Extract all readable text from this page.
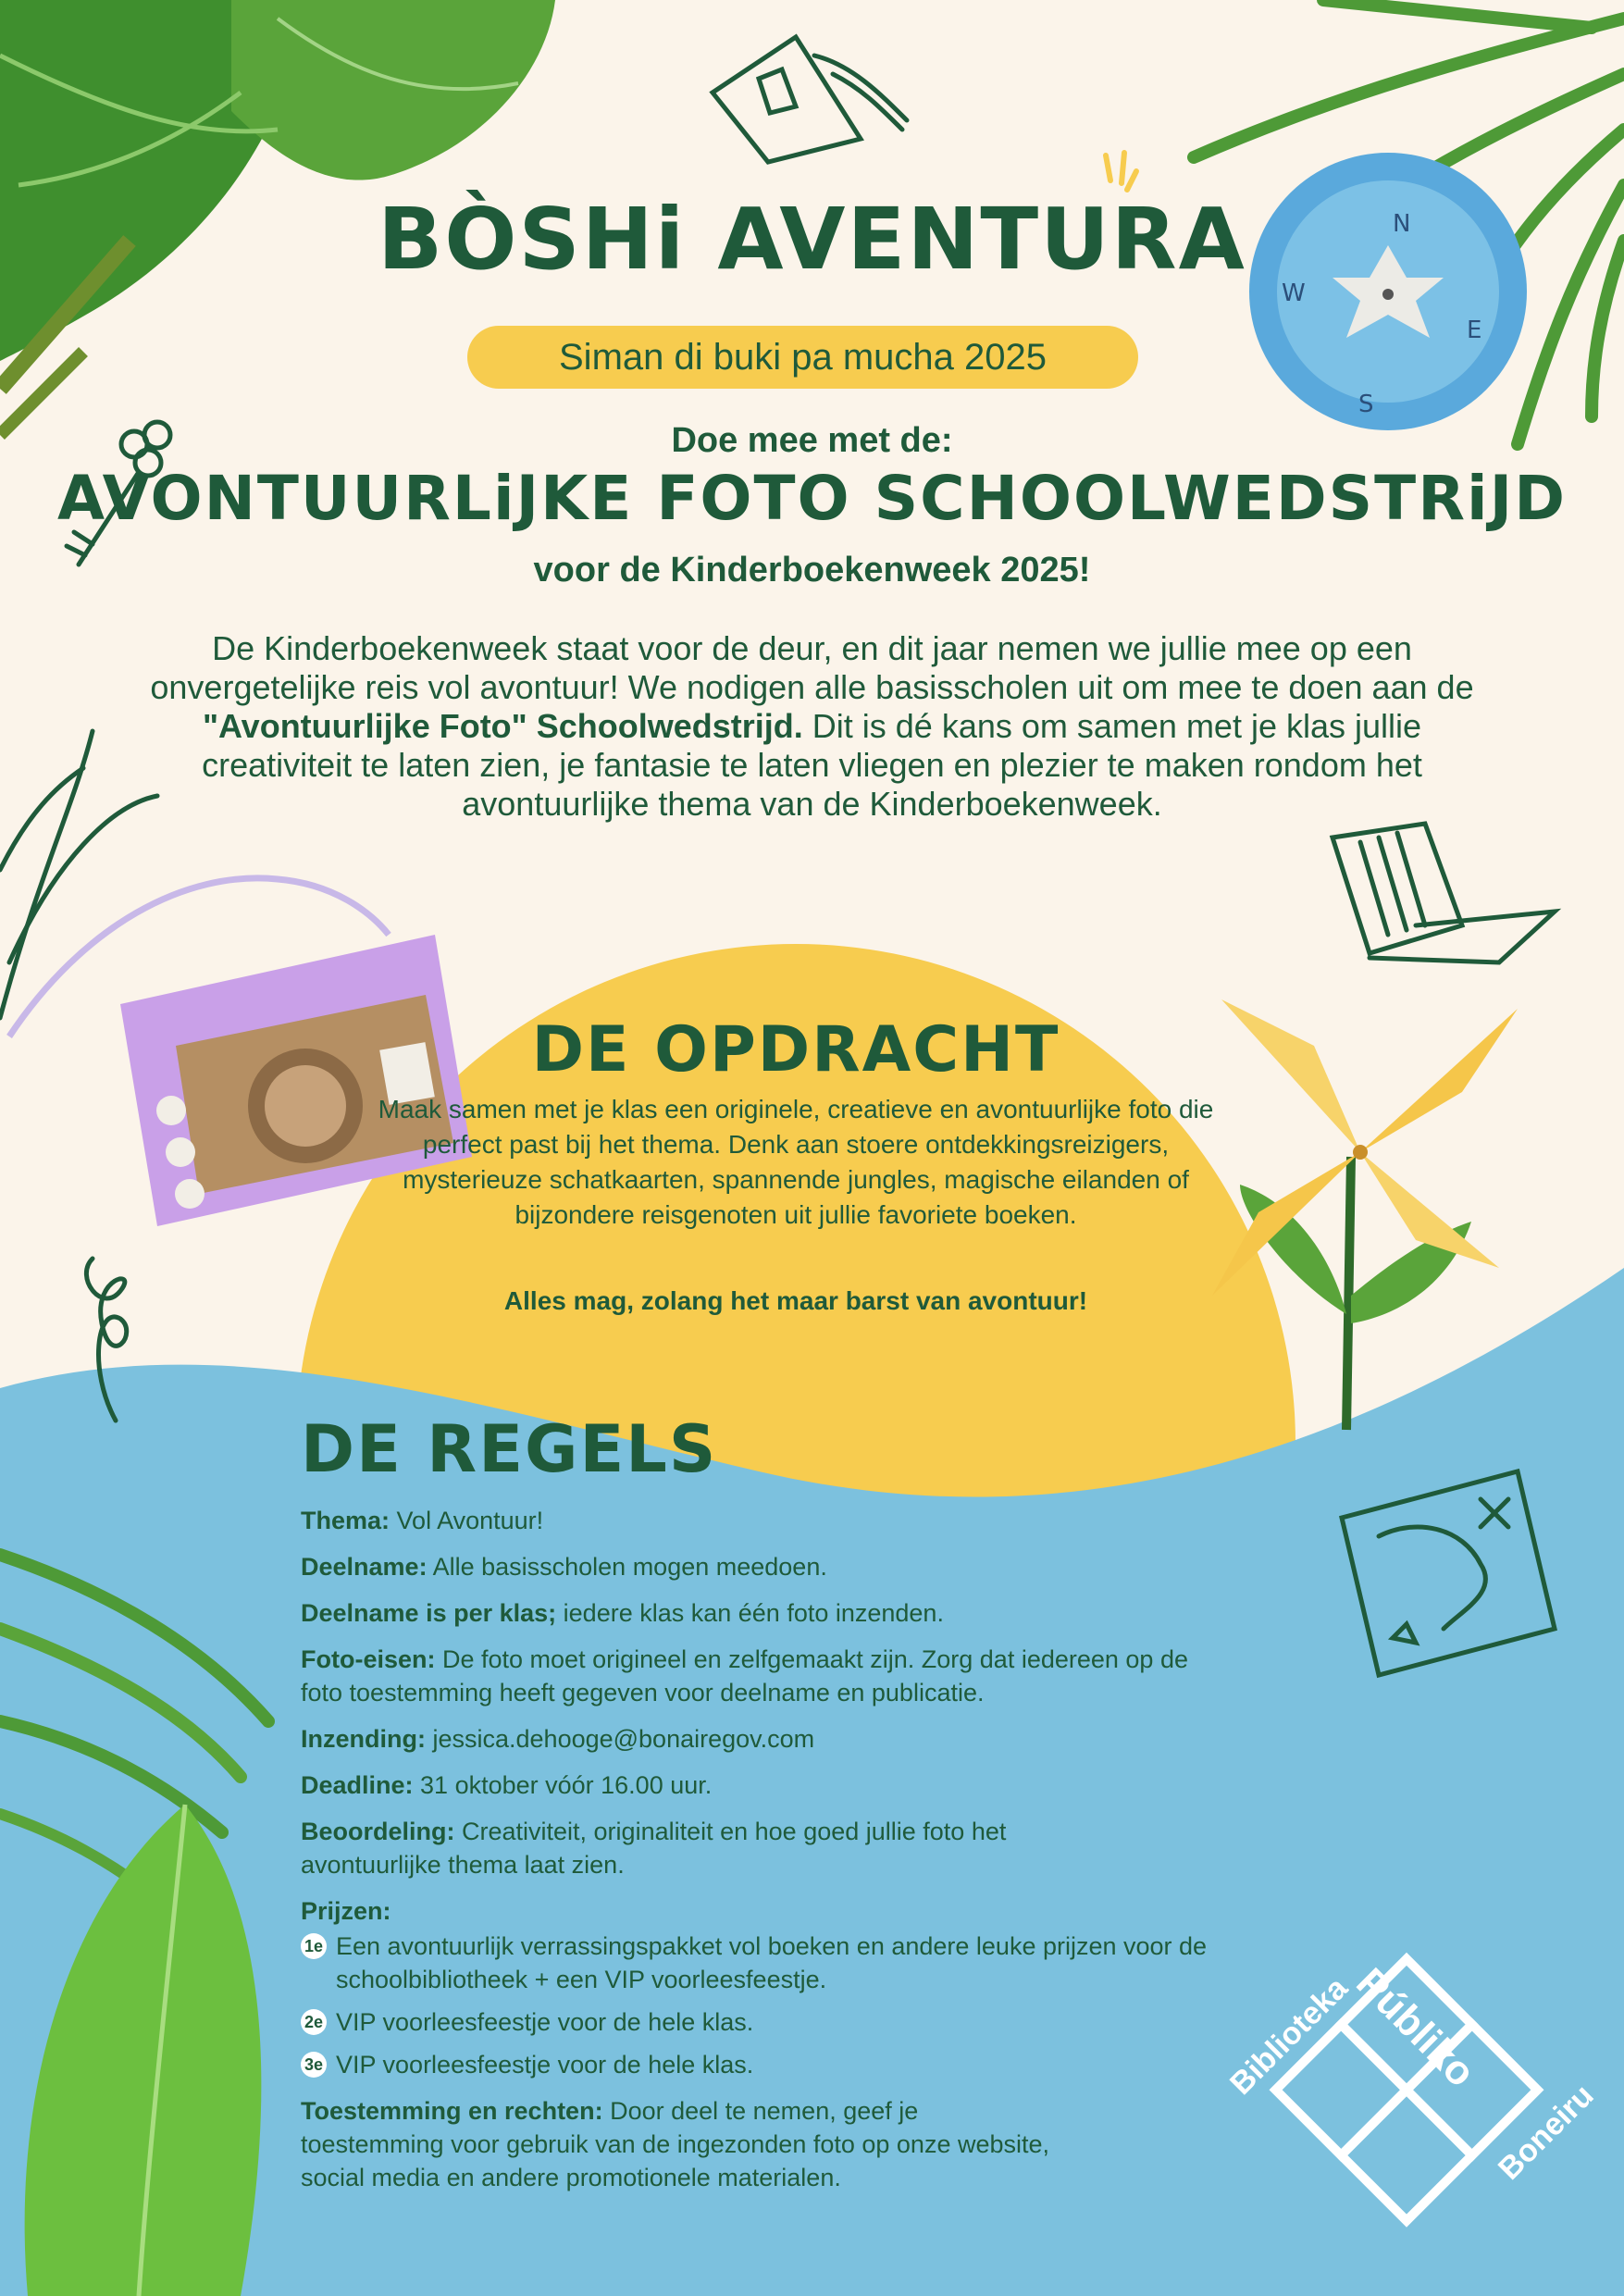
N
E
S
W
Biblioteka
Públiko
Boneiru
BÒSHi AVENTURA
Siman di buki pa mucha 2025
Doe mee met de:
AVONTUURLiJKE FOTO SCHOOLWEDSTRiJD
voor de Kinderboekenweek 2025!
De Kinderboekenweek staat voor de deur, en dit jaar nemen we jullie mee op een onvergetelijke reis vol avontuur! We nodigen alle basisscholen uit om mee te doen aan de "Avontuurlijke Foto" Schoolwedstrijd. Dit is dé kans om samen met je klas jullie creativiteit te laten zien, je fantasie te laten vliegen en plezier te maken rondom het avontuurlijke thema van de Kinderboekenweek.
DE OPDRACHT
Maak samen met je klas een originele, creatieve en avontuurlijke foto die perfect past bij het thema. Denk aan stoere ontdekkingsreizigers, mysterieuze schatkaarten, spannende jungles, magische eilanden of bijzondere reisgenoten uit jullie favoriete boeken.
Alles mag, zolang het maar barst van avontuur!
DE REGELS

Thema: Vol Avontuur!

Deelname: Alle basisscholen mogen meedoen.

Deelname is per klas; iedere klas kan één foto inzenden.

Foto-eisen: De foto moet origineel en zelfgemaakt zijn. Zorg dat iedereen op de foto toestemming heeft gegeven voor deelname en publicatie.

Inzending: jessica.dehooge@bonairegov.com

Deadline: 31 oktober vóór 16.00 uur.

Beoordeling: Creativiteit, originaliteit en hoe goed jullie foto het avontuurlijke thema laat zien.

Prijzen:

1e Een avontuurlijk verrassingspakket vol boeken en andere leuke prijzen voor de schoolbibliotheek + een VIP voorleesfeestje.

2e VIP voorleesfeestje voor de hele klas.

3e VIP voorleesfeestje voor de hele klas.

Toestemming en rechten: Door deel te nemen, geef je toestemming voor gebruik van de ingezonden foto op onze website, social media en andere promotionele materialen.
